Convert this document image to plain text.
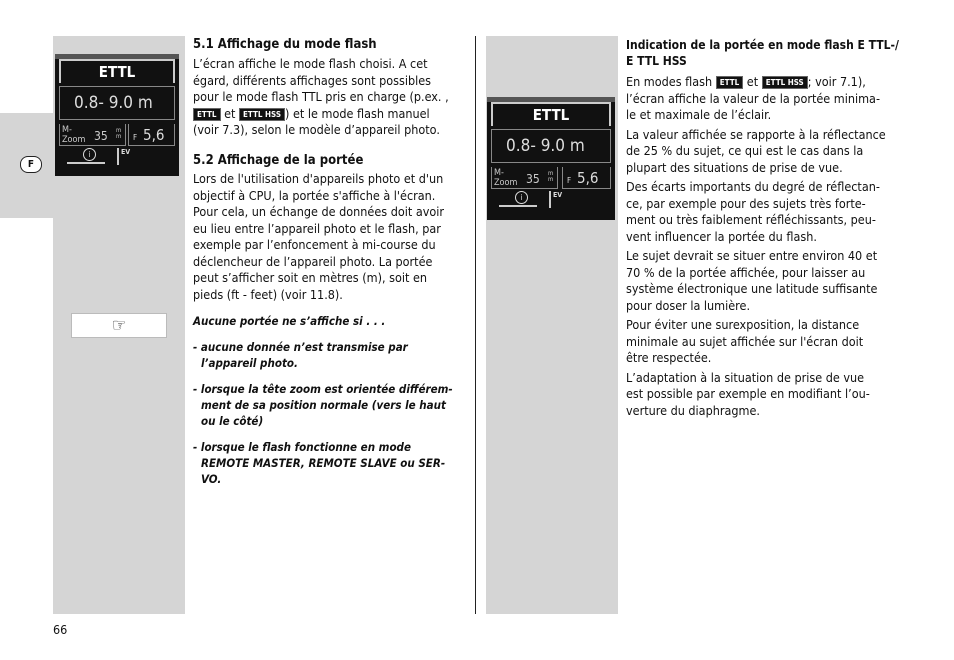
F
ETTL
0.8- 9.0 m
M-
Zoom 35 m
m F 5,6
i	EV
ETTL
0.8- 9.0 m
M-
Zoom 35 m
m F 5,6
i	EV
☞
5.1 Affichage du mode flash
L’écran affiche le mode flash choisi. A cet
égard, différents affichages sont possibles
pour le mode flash TTL pris en charge (p.ex. ,
ETTL et ETTL HSS ) et le mode flash manuel
(voir 7.3), selon le modèle d’appareil photo.
5.2 Affichage de la portée
Lors de l'utilisation d'appareils photo et d'un
objectif à CPU, la portée s'affiche à l'écran.
Pour cela, un échange de données doit avoir
eu lieu entre l’appareil photo et le flash, par
exemple par l’enfoncement à mi-course du
déclencheur de l’appareil photo. La portée
peut s’afficher soit en mètres (m), soit en
pieds (ft - feet) (voir 11.8).
Aucune portée ne s’affiche si . . .
- aucune donnée n’est transmise par
l’appareil photo.
- lorsque la tête zoom est orientée différem-
ment de sa position normale (vers le haut
ou le côté)
- lorsque le flash fonctionne en mode
REMOTE MASTER, REMOTE SLAVE ou SER-
VO.
Indication de la portée en mode flash E TTL-/
E TTL HSS
En modes flash ETTL et ETTL HSS ; voir 7.1),
l’écran affiche la valeur de la portée minima-
le et maximale de l’éclair.
La valeur affichée se rapporte à la réflectance
de 25 % du sujet, ce qui est le cas dans la
plupart des situations de prise de vue.
Des écarts importants du degré de réflectan-
ce, par exemple pour des sujets très forte-
ment ou très faiblement réfléchissants, peu-
vent influencer la portée du flash.
Le sujet devrait se situer entre environ 40 et
70 % de la portée affichée, pour laisser au
système électronique une latitude suffisante
pour doser la lumière.
Pour éviter une surexposition, la distance
minimale au sujet affichée sur l'écran doit
être respectée.
L’adaptation à la situation de prise de vue
est possible par exemple en modifiant l’ou-
verture du diaphragme.
66
